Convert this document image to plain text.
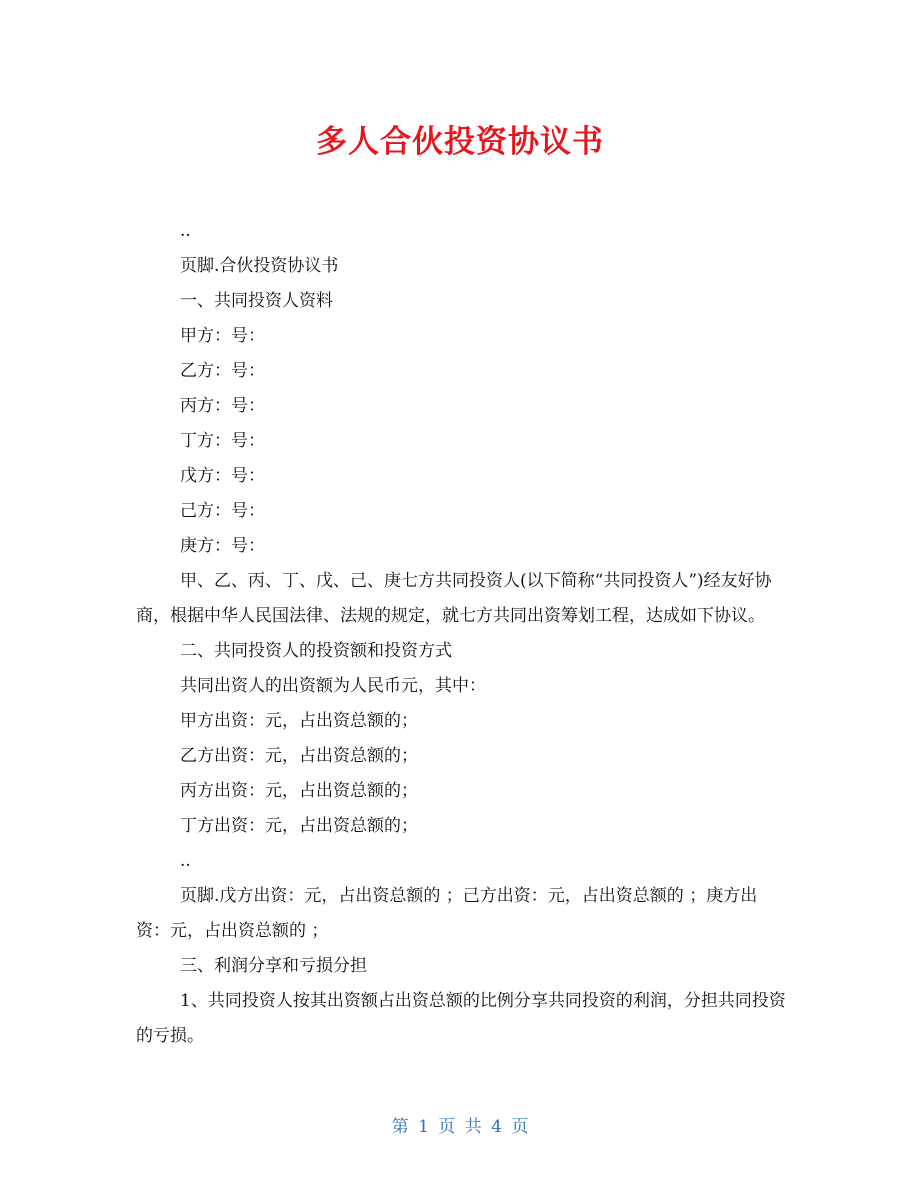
多人合伙投资协议书

..

页脚.合伙投资协议书

一、共同投资人资料

甲方：号：

乙方：号：

丙方：号：

丁方：号：

戊方：号：

己方：号：

庚方：号：

甲、乙、丙、丁、戊、己、庚七方共同投资人(以下简称“共同投资人”)经友好协商，根据中华人民国法律、法规的规定，就七方共同出资筹划工程，达成如下协议。

二、共同投资人的投资额和投资方式

共同出资人的出资额为人民币元，其中：

甲方出资：元，占出资总额的；

乙方出资：元，占出资总额的；

丙方出资：元，占出资总额的；

丁方出资：元，占出资总额的；

..

页脚.戊方出资：元，占出资总额的 ；己方出资：元，占出资总额的 ；庚方出资：元，占出资总额的 ；

三、利润分享和亏损分担

1、共同投资人按其出资额占出资总额的比例分享共同投资的利润，分担共同投资的亏损。

第 1 页 共 4 页
